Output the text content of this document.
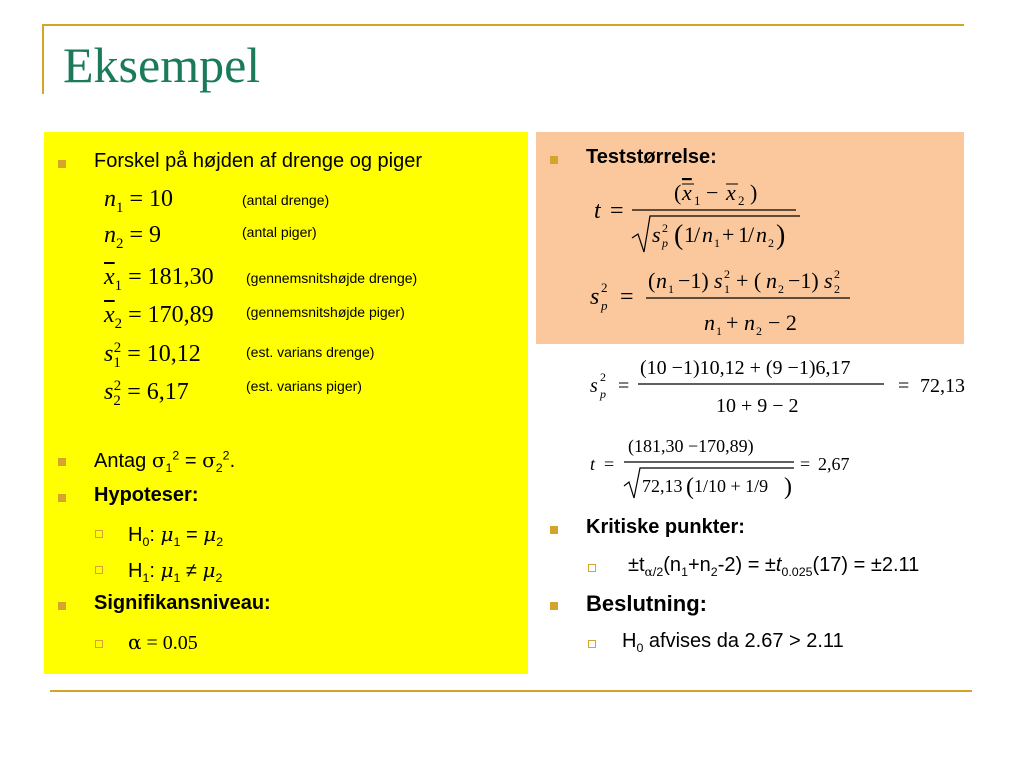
Eksempel
Forskel på højden af drenge og piger
$n_1 = 10$	(antal drenge)
$n_2 = 9$	(antal piger)
$\overline{x}_1 = 181,30$ (gennemsnitshøjde drenge)
$\overline{x}_2 = 170,89$ (gennemsnitshøjde piger)
$s_1^2 = 10,12$	(est. varians drenge)
$s_2^2 = 6,17$	(est. varians piger)
Antag $\sigma_1^2 = \sigma_2^2$.
Hypoteser:
$H_0$: $\mu_1 = \mu_2$
$H_1$: $\mu_1 \ne \mu_2$
Signifikansniveau:
α = 0.05
Teststørrelse:
t =
( x 1 − x 2 )
s 2
p ( 1 / n 1 + 1 / n 2 )
s 2
p =
( n 1 −1) s 2
1 + ( n 2 −1) s 2
2
n 1 + n 2 − 2
s 2
p =
(10 −1)10,12 + (9 −1)6,17
10 + 9 − 2
= 72,13
t =
(181,30 −170,89)
72,13 ( 1/10 + 1/9 )
= 2,67
Kritiske punkter:
$\pm t_{\alpha/2}(n_1+n_2-2) = \pm t_{0.025}(17) = \pm 2.11$
Beslutning:
$H_0$ afvises da 2.67 > 2.11
